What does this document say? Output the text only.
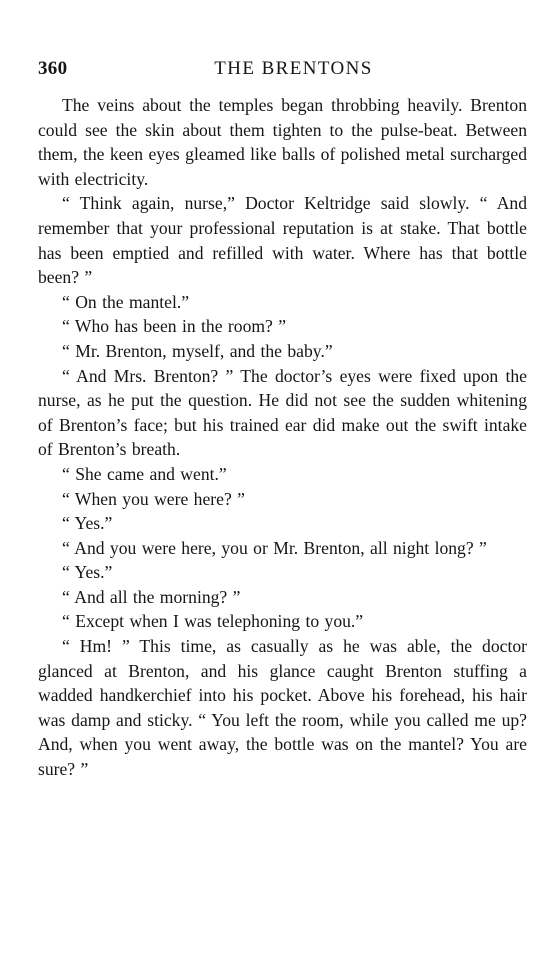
360	THE BRENTONS

The veins about the temples began throbbing heavily. Brenton could see the skin about them tighten to the pulse-beat. Between them, the keen eyes gleamed like balls of polished metal surcharged with electricity.

“ Think again, nurse,” Doctor Keltridge said slowly. “ And remember that your professional reputation is at stake. That bottle has been emptied and refilled with water. Where has that bottle been? ”

“ On the mantel.”

“ Who has been in the room? ”

“ Mr. Brenton, myself, and the baby.”

“ And Mrs. Brenton? ” The doctor’s eyes were fixed upon the nurse, as he put the question. He did not see the sudden whitening of Brenton’s face; but his trained ear did make out the swift intake of Brenton’s breath.

“ She came and went.”

“ When you were here? ”

“ Yes.”

“ And you were here, you or Mr. Brenton, all night long? ”

“ Yes.”

“ And all the morning? ”

“ Except when I was telephoning to you.”

“ Hm! ” This time, as casually as he was able, the doctor glanced at Brenton, and his glance caught Brenton stuffing a wadded handkerchief into his pocket. Above his forehead, his hair was damp and sticky. “ You left the room, while you called me up? And, when you went away, the bottle was on the mantel? You are sure? ”
